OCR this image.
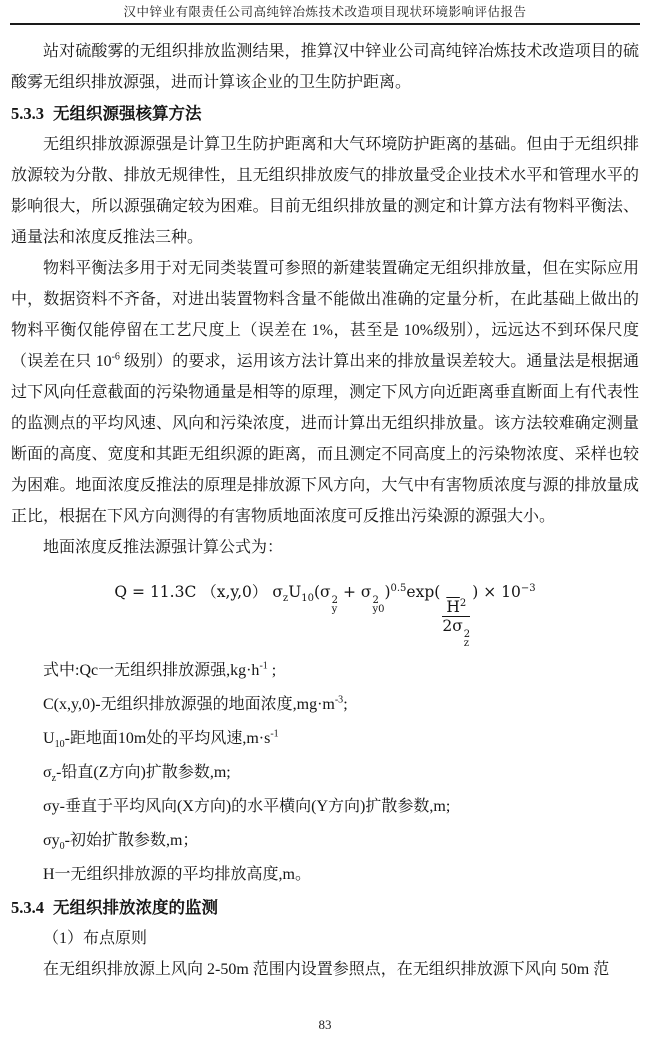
汉中锌业有限责任公司高纯锌冶炼技术改造项目现状环境影响评估报告

站对硫酸雾的无组织排放监测结果，推算汉中锌业公司高纯锌冶炼技术改造项目的硫酸雾无组织排放源强，进而计算该企业的卫生防护距离。

5.3.3 无组织源强核算方法

无组织排放源源强是计算卫生防护距离和大气环境防护距离的基础。但由于无组织排放源较为分散、排放无规律性，且无组织排放废气的排放量受企业技术水平和管理水平的影响很大，所以源强确定较为困难。目前无组织排放量的测定和计算方法有物料平衡法、通量法和浓度反推法三种。

物料平衡法多用于对无同类装置可参照的新建装置确定无组织排放量，但在实际应用中，数据资料不齐备，对进出装置物料含量不能做出准确的定量分析，在此基础上做出的物料平衡仅能停留在工艺尺度上（误差在 1%，甚至是 10%级别），远远达不到环保尺度（误差在只 $10^{-6}$ 级别）的要求，运用该方法计算出来的排放量误差较大。通量法是根据通过下风向任意截面的污染物通量是相等的原理，测定下风方向近距离垂直断面上有代表性的监测点的平均风速、风向和污染浓度，进而计算出无组织排放量。该方法较难确定测量断面的高度、宽度和其距无组织源的距离，而且测定不同高度上的污染物浓度、采样也较为困难。地面浓度反推法的原理是排放源下风方向，大气中有害物质浓度与源的排放量成正比，根据在下风方向测得的有害物质地面浓度可反推出污染源的源强大小。

地面浓度反推法源强计算公式为：

Q = 11.3C （x,y,0） $\sigma_zU_{10}(\sigma$ 2
y
+ σ 2
y0
)$^{0.5}$exp(
$\overline{H}^2$
2σ 2
z
) × $10^{-3}$
式中:Qc一无组织排放源强$,kg\cdot h^{-1}$ ;
C(x,y,0)-无组织排放源强的地面浓度$,mg\cdot m^{-3}$;
$U_{10}-$距地面10m处的平均风速$,m\cdot s^{-1}$
$\sigma_z-$铅直(Z方向)扩散参数,m;
σy-垂直于平均风向(X方向)的水平横向(Y方向)扩散参数,m;
$\sigma y_0-$初始扩散参数,m；
H一无组织排放源的平均排放高度,m。
5.3.4 无组织排放浓度的监测

（1）布点原则

在无组织排放源上风向 2-50m 范围内设置参照点，在无组织排放源下风向 50m 范

83
